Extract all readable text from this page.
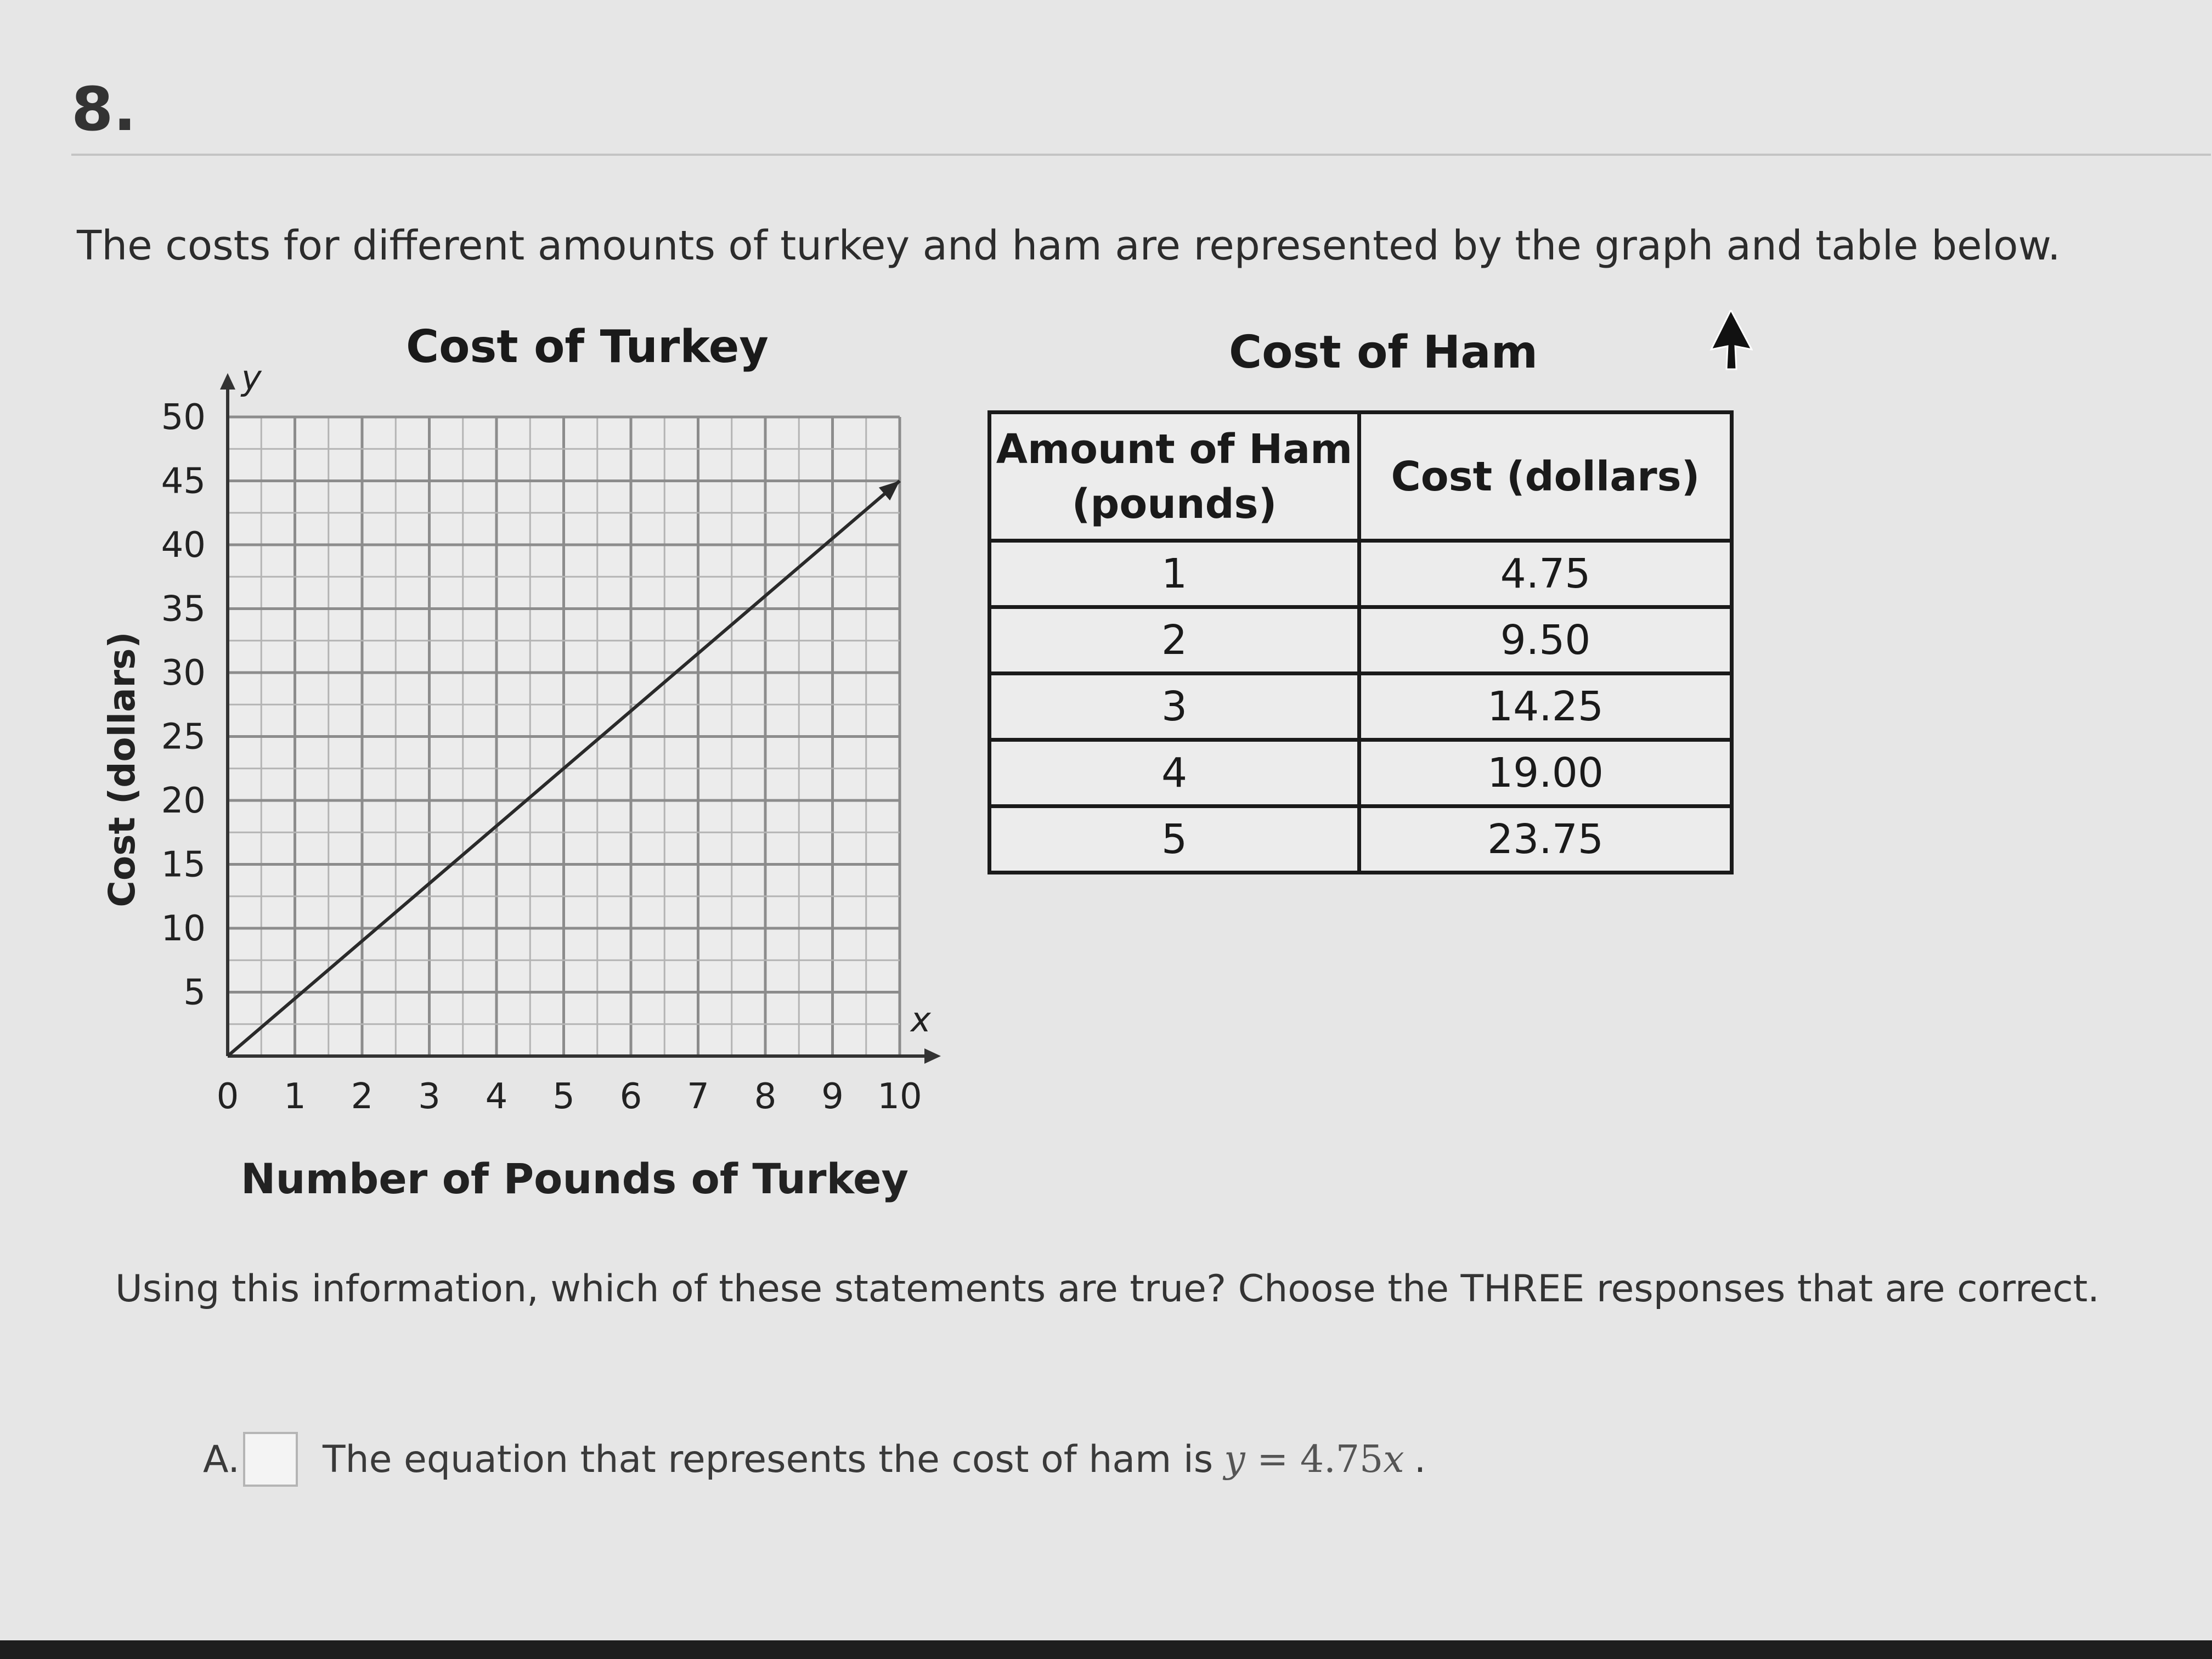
8.
The costs for different amounts of turkey and ham are represented by the graph and table below.
Cost of Turkey	Cost of Ham
x
y
0 1 2 3 4 5 6 7 8 9 10
5
10
15
20
25
30
35
40
45
50
Number of Pounds of Turkey
Cost (dollars)
Amount of Ham (pounds)	Cost (dollars)
1	4.75
2	9.50
3	14.25
4	19.00
5	23.75
Using this information, which of these statements are true? Choose the THREE responses that are correct.
A. The equation that represents the cost of ham is y = 4.75x .
